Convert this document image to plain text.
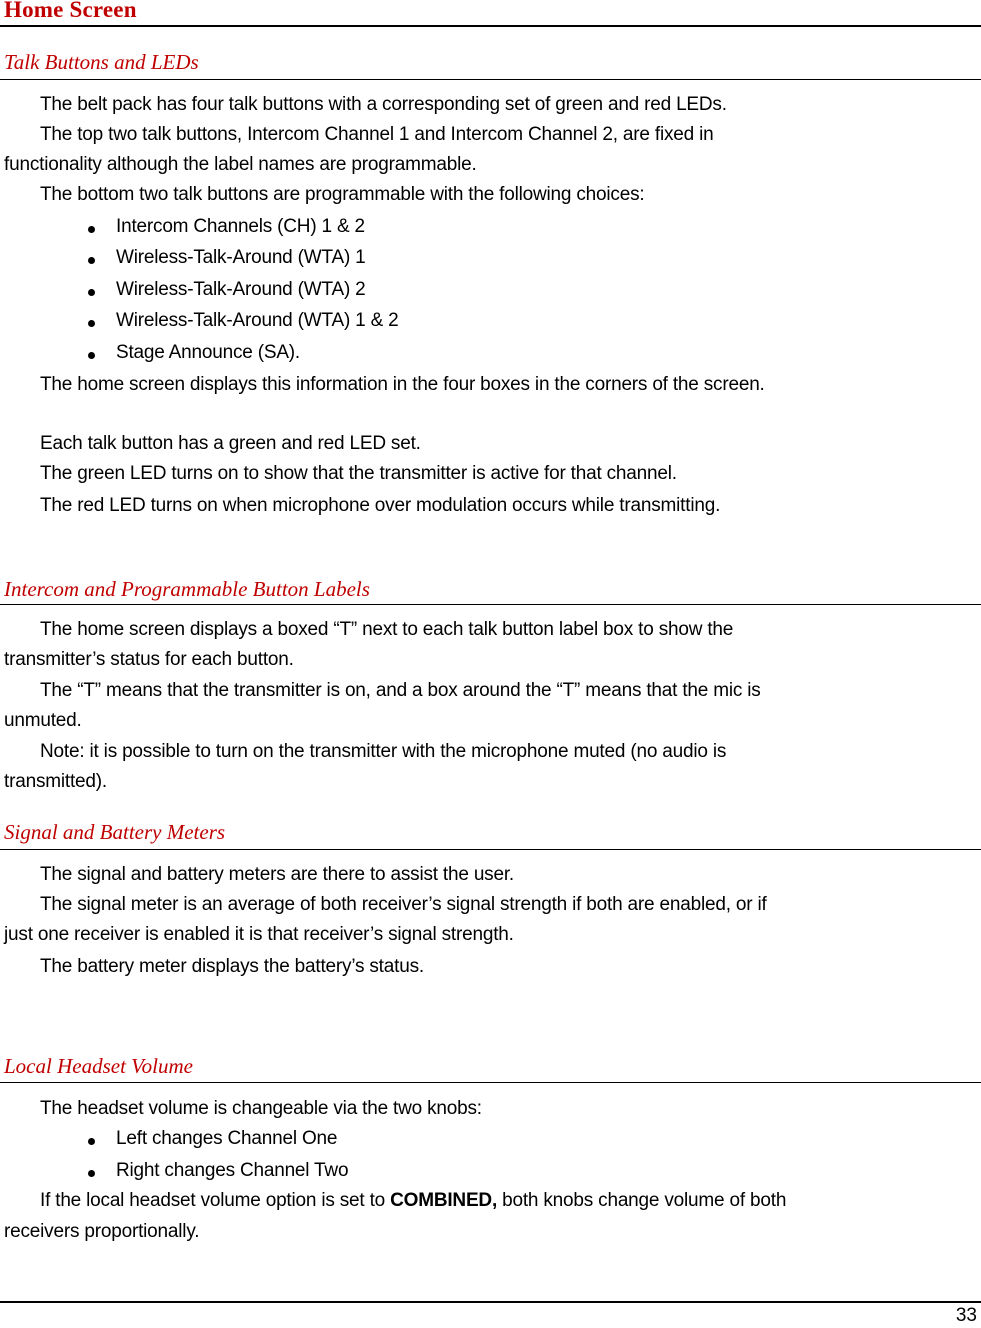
Home Screen
Talk Buttons and LEDs
The belt pack has four talk buttons with a corresponding set of green and red LEDs.
The top two talk buttons, Intercom Channel 1 and Intercom Channel 2, are fixed in
functionality although the label names are programmable.
The bottom two talk buttons are programmable with the following choices:
Intercom Channels (CH) 1 & 2
Wireless-Talk-Around (WTA) 1
Wireless-Talk-Around (WTA) 2
Wireless-Talk-Around (WTA) 1 & 2
Stage Announce (SA).
The home screen displays this information in the four boxes in the corners of the screen.
Each talk button has a green and red LED set.
The green LED turns on to show that the transmitter is active for that channel.
The red LED turns on when microphone over modulation occurs while transmitting.
Intercom and Programmable Button Labels
The home screen displays a boxed “T” next to each talk button label box to show the
transmitter’s status for each button.
The “T” means that the transmitter is on, and a box around the “T” means that the mic is
unmuted.
Note: it is possible to turn on the transmitter with the microphone muted (no audio is
transmitted).
Signal and Battery Meters
The signal and battery meters are there to assist the user.
The signal meter is an average of both receiver’s signal strength if both are enabled, or if
just one receiver is enabled it is that receiver’s signal strength.
The battery meter displays the battery’s status.
Local Headset Volume
The headset volume is changeable via the two knobs:
Left changes Channel One
Right changes Channel Two
If the local headset volume option is set to COMBINED, both knobs change volume of both
receivers proportionally.
33
